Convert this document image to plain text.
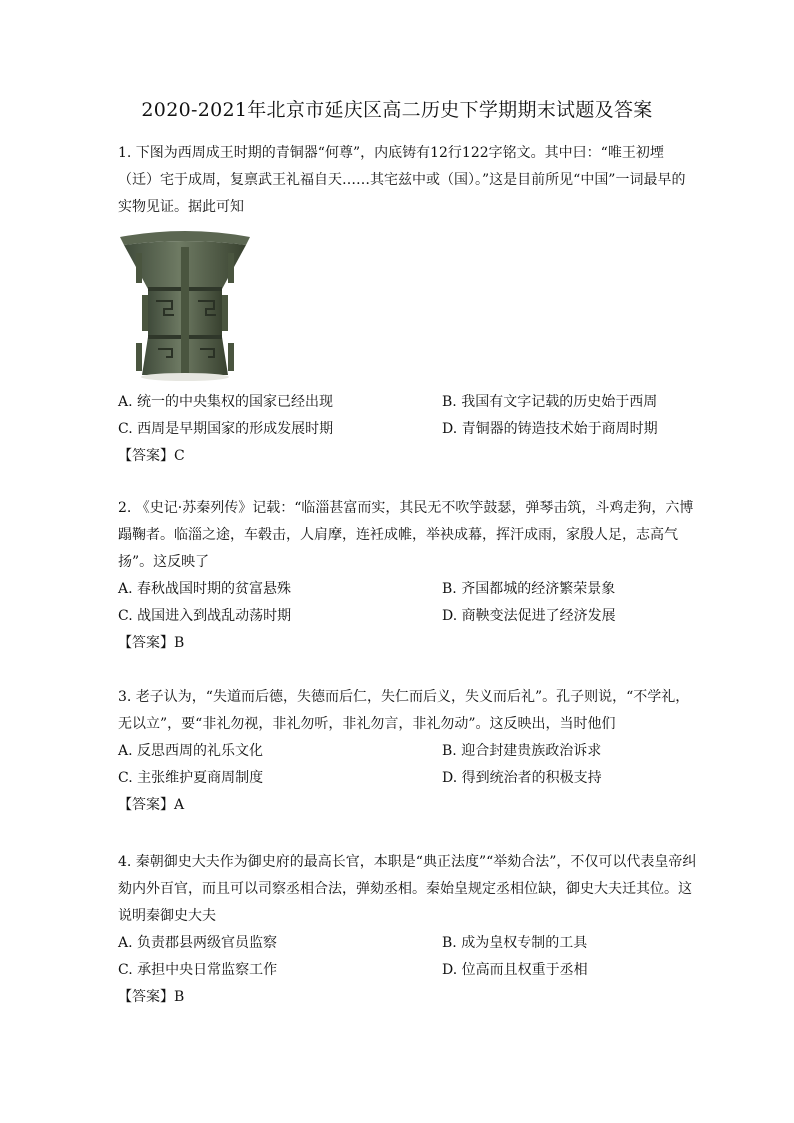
2020-2021年北京市延庆区高二历史下学期期末试题及答案

1. 下图为西周成王时期的青铜器“何尊”，内底铸有12行122字铭文。其中曰：“唯王初堙（迁）宅于成周，复禀武王礼福自天……其宅兹中或（国）。”这是目前所见“中国”一词最早的实物见证。据此可知

A. 统一的中央集权的国家已经出现	B. 我国有文字记载的历史始于西周
C. 西周是早期国家的形成发展时期	D. 青铜器的铸造技术始于商周时期
【答案】C

2. 《史记·苏秦列传》记载：“临淄甚富而实，其民无不吹竽鼓瑟，弹琴击筑，斗鸡走狗，六博蹋鞠者。临淄之途，车毂击，人肩摩，连衽成帷，举袂成幕，挥汗成雨，家殷人足，志高气扬”。这反映了

A. 春秋战国时期的贫富悬殊	B. 齐国都城的经济繁荣景象
C. 战国进入到战乱动荡时期	D. 商鞅变法促进了经济发展
【答案】B

3. 老子认为，“失道而后德，失德而后仁，失仁而后义，失义而后礼”。孔子则说，“不学礼，无以立”，要“非礼勿视，非礼勿听，非礼勿言，非礼勿动”。这反映出，当时他们

A. 反思西周的礼乐文化	B. 迎合封建贵族政治诉求
C. 主张维护夏商周制度	D. 得到统治者的积极支持
【答案】A

4. 秦朝御史大夫作为御史府的最高长官，本职是“典正法度”“举劾合法”，不仅可以代表皇帝纠劾内外百官，而且可以司察丞相合法，弹劾丞相。秦始皇规定丞相位缺，御史大夫迁其位。这说明秦御史大夫

A. 负责郡县两级官员监察	B. 成为皇权专制的工具
C. 承担中央日常监察工作	D. 位高而且权重于丞相
【答案】B
